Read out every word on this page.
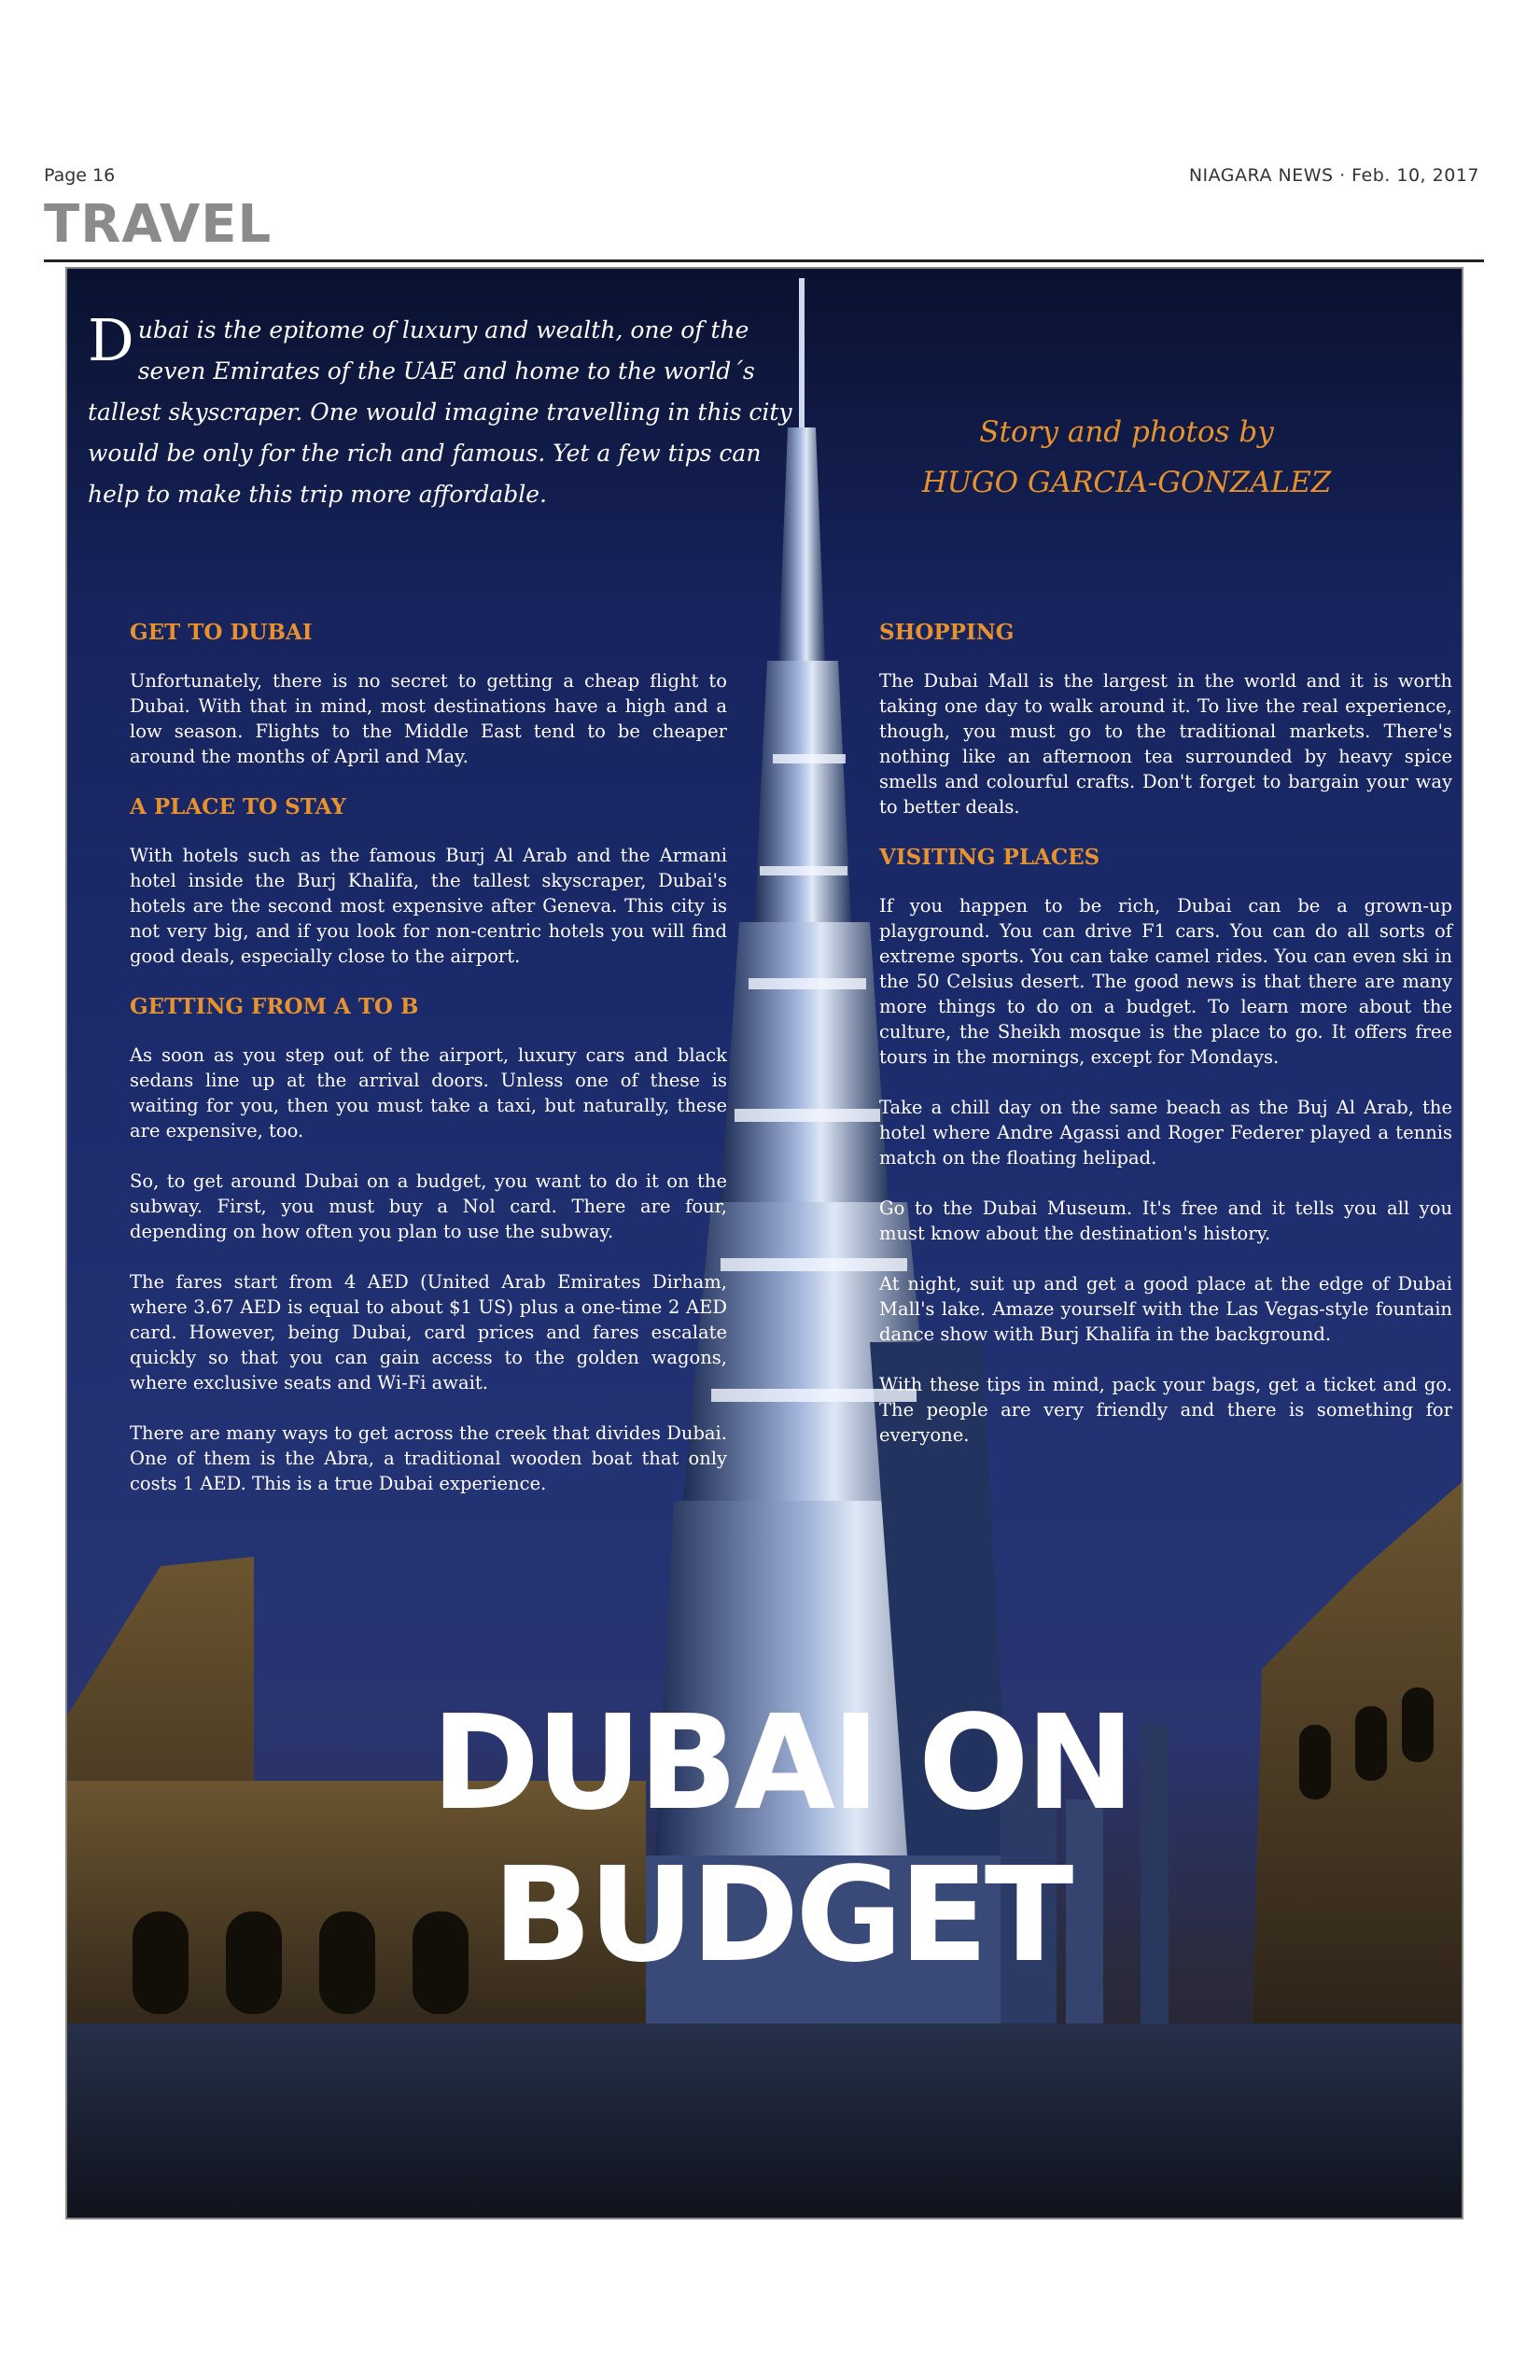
Page 16	NIAGARA NEWS · Feb. 10, 2017
TRAVEL
Dubai is the epitome of luxury and wealth, one of the seven Emirates of the UAE and home to the world´s tallest skyscraper. One would imagine travelling in this city would be only for the rich and famous. Yet a few tips can help to make this trip more affordable.
Story and photos by
HUGO GARCIA-GONZALEZ
GET TO DUBAI

Unfortunately, there is no secret to getting a cheap flight to Dubai. With that in mind, most destinations have a high and a low season. Flights to the Middle East tend to be cheaper around the months of April and May.

A PLACE TO STAY

With hotels such as the famous Burj Al Arab and the Armani hotel inside the Burj Khalifa, the tallest skyscraper, Dubai's hotels are the second most expensive after Geneva. This city is not very big, and if you look for non-centric hotels you will find good deals, especially close to the airport.

GETTING FROM A TO B

As soon as you step out of the airport, luxury cars and black sedans line up at the arrival doors. Unless one of these is waiting for you, then you must take a taxi, but naturally, these are expensive, too.

So, to get around Dubai on a budget, you want to do it on the subway. First, you must buy a Nol card. There are four, depending on how often you plan to use the subway.

The fares start from 4 AED (United Arab Emirates Dirham, where 3.67 AED is equal to about $1 US) plus a one-time 2 AED card. However, being Dubai, card prices and fares escalate quickly so that you can gain access to the golden wagons, where exclusive seats and Wi-Fi await.

There are many ways to get across the creek that divides Dubai. One of them is the Abra, a traditional wooden boat that only costs 1 AED. This is a true Dubai experience.

SHOPPING

The Dubai Mall is the largest in the world and it is worth taking one day to walk around it. To live the real experience, though, you must go to the traditional markets. There's nothing like an afternoon tea surrounded by heavy spice smells and colourful crafts. Don't forget to bargain your way to better deals.

VISITING PLACES

If you happen to be rich, Dubai can be a grown-up playground. You can drive F1 cars. You can do all sorts of extreme sports. You can take camel rides. You can even ski in the 50 Celsius desert. The good news is that there are many more things to do on a budget. To learn more about the culture, the Sheikh mosque is the place to go. It offers free tours in the mornings, except for Mondays.

Take a chill day on the same beach as the Buj Al Arab, the hotel where Andre Agassi and Roger Federer played a tennis match on the floating helipad.

Go to the Dubai Museum. It's free and it tells you all you must know about the destination's history.

At night, suit up and get a good place at the edge of Dubai Mall's lake. Amaze yourself with the Las Vegas-style fountain dance show with Burj Khalifa in the background.

With these tips in mind, pack your bags, get a ticket and go. The people are very friendly and there is something for everyone.

DUBAI ON BUDGET
